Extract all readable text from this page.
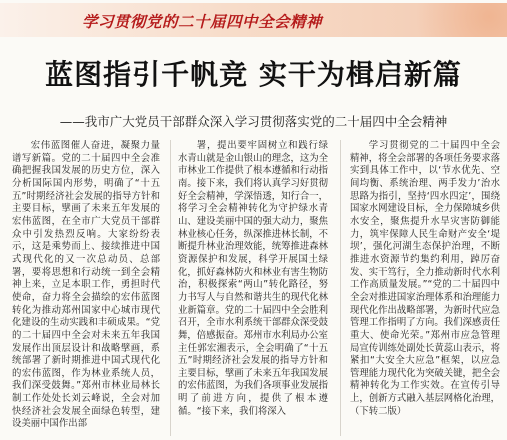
学习贯彻党的二十届四中全会精神
蓝图指引千帆竞 实干为楫启新篇
——我市广大党员干部群众深入学习贯彻落实党的二十届四中全会精神

宏伟蓝图催人奋进，凝聚力量谱写新篇。党的二十届四中全会准确把握我国发展的历史方位，深入分析国际国内形势，明确了“十五五”时期经济社会发展的指导方针和主要目标，擘画了未来五年发展的宏伟蓝图，在全市广大党员干部群众中引发热烈反响。大家纷纷表示，这是乘势而上、接续推进中国式现代化的又一次总动员、总部署，要将思想和行动统一到全会精神上来，立足本职工作，勇担时代使命，奋力将全会描绘的宏伟蓝图转化为推动郑州国家中心城市现代化建设的生动实践和丰硕成果。“党的二十届四中全会对未来五年我国发展作出顶层设计和战略擘画，系统部署了新时期推进中国式现代化的宏伟蓝图，作为林业系统人员，我们深受鼓舞。”郑州市林业局林长制工作处处长刘云峰说，全会对加快经济社会发展全面绿色转型，建设美丽中国作出部

署，提出要牢固树立和践行绿水青山就是金山银山的理念，这为全市林业工作提供了根本遵循和行动指南。接下来，我们将认真学习好贯彻好全会精神，学深悟透，知行合一，将学习全会精神转化为守护绿水青山、建设美丽中国的强大动力，聚焦林业核心任务，纵深推进林长制，不断提升林业治理效能，统筹推进森林资源保护和发展，科学开展国土绿化，抓好森林防火和林业有害生物防治，积极探索“两山”转化路径，努力书写人与自然和谐共生的现代化林业新篇章。党的二十届四中全会胜利召开，全市水利系统干部群众深受鼓舞，倍感振奋。郑州市水利局办公室主任郭宏湘表示，全会明确了“十五五”时期经济社会发展的指导方针和主要目标，擘画了未来五年我国发展的宏伟蓝图，为我们各项事业发展指明了前进方向，提供了根本遵循。“接下来，我们将深入

学习贯彻党的二十届四中全会精神，将全会部署的各项任务要求落实到具体工作中，以‘节水优先、空间均衡、系统治理、两手发力’治水思路为指引，坚持‘四水四定’，围绕国家水网建设目标，全力保障城乡供水安全，聚焦提升水旱灾害防御能力，筑牢保障人民生命财产安全‘堤坝’，强化河湖生态保护治理，不断推进水资源节约集约利用，踔厉奋发、实干笃行，全力推动新时代水利工作高质量发展。”“党的二十届四中全会对推进国家治理体系和治理能力现代化作出战略部署，为新时代应急管理工作指明了方向。我们深感责任重大、使命光荣。”郑州市应急管理局宣传训练处副处长黄蕊山表示，将紧扣“大安全大应急”框架，以应急管理能力现代化为突破关键，把全会精神转化为工作实效。在宣传引导上，创新方式融入基层网格化治理，（下转二版）
